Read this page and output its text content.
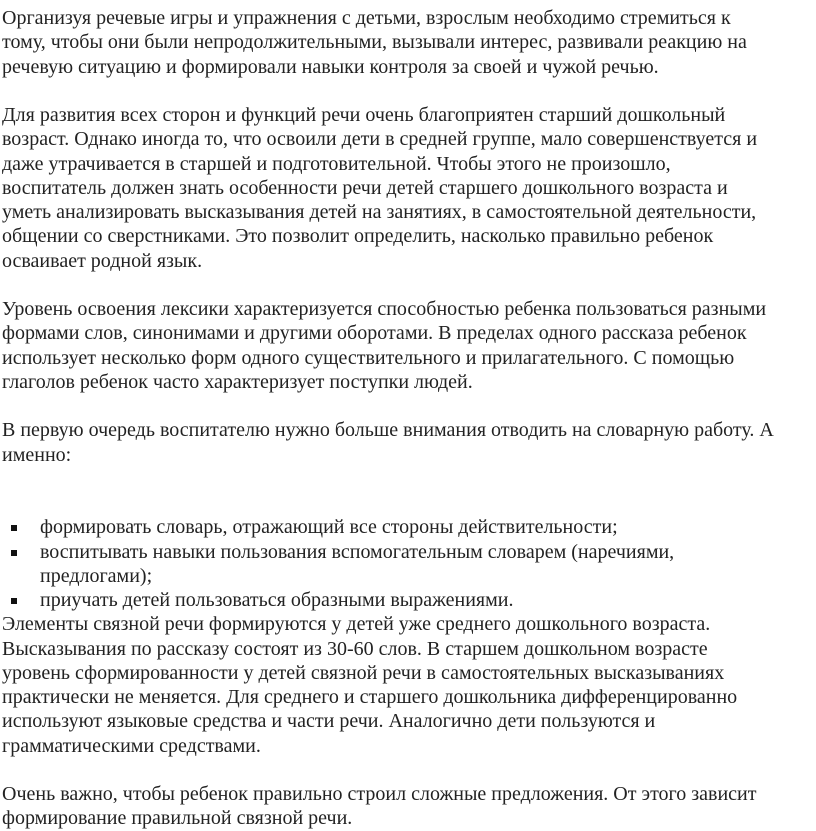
Организуя речевые игры и упражнения с детьми, взрослым необходимо стремиться к
тому, чтобы они были непродолжительными, вызывали интерес, развивали реакцию на
речевую ситуацию и формировали навыки контроля за своей и чужой речью.

Для развития всех сторон и функций речи очень благоприятен старший дошкольный
возраст. Однако иногда то, что освоили дети в средней группе, мало совершенствуется и
даже утрачивается в старшей и подготовительной. Чтобы этого не произошло,
воспитатель должен знать особенности речи детей старшего дошкольного возраста и
уметь анализировать высказывания детей на занятиях, в самостоятельной деятельности,
общении со сверстниками. Это позволит определить, насколько правильно ребенок
осваивает родной язык.

Уровень освоения лексики характеризуется способностью ребенка пользоваться разными
формами слов, синонимами и другими оборотами. В пределах одного рассказа ребенок
использует несколько форм одного существительного и прилагательного. С помощью
глаголов ребенок часто характеризует поступки людей.

В первую очередь воспитателю нужно больше внимания отводить на словарную работу. А
именно:

формировать словарь, отражающий все стороны действительности;
воспитывать навыки пользования вспомогательным словарем (наречиями,
предлогами);
приучать детей пользоваться образными выражениями.

Элементы связной речи формируются у детей уже среднего дошкольного возраста.
Высказывания по рассказу состоят из 30-60 слов. В старшем дошкольном возрасте
уровень сформированности у детей связной речи в самостоятельных высказываниях
практически не меняется. Для среднего и старшего дошкольника дифференцированно
используют языковые средства и части речи. Аналогично дети пользуются и
грамматическими средствами.

Очень важно, чтобы ребенок правильно строил сложные предложения. От этого зависит
формирование правильной связной речи.
